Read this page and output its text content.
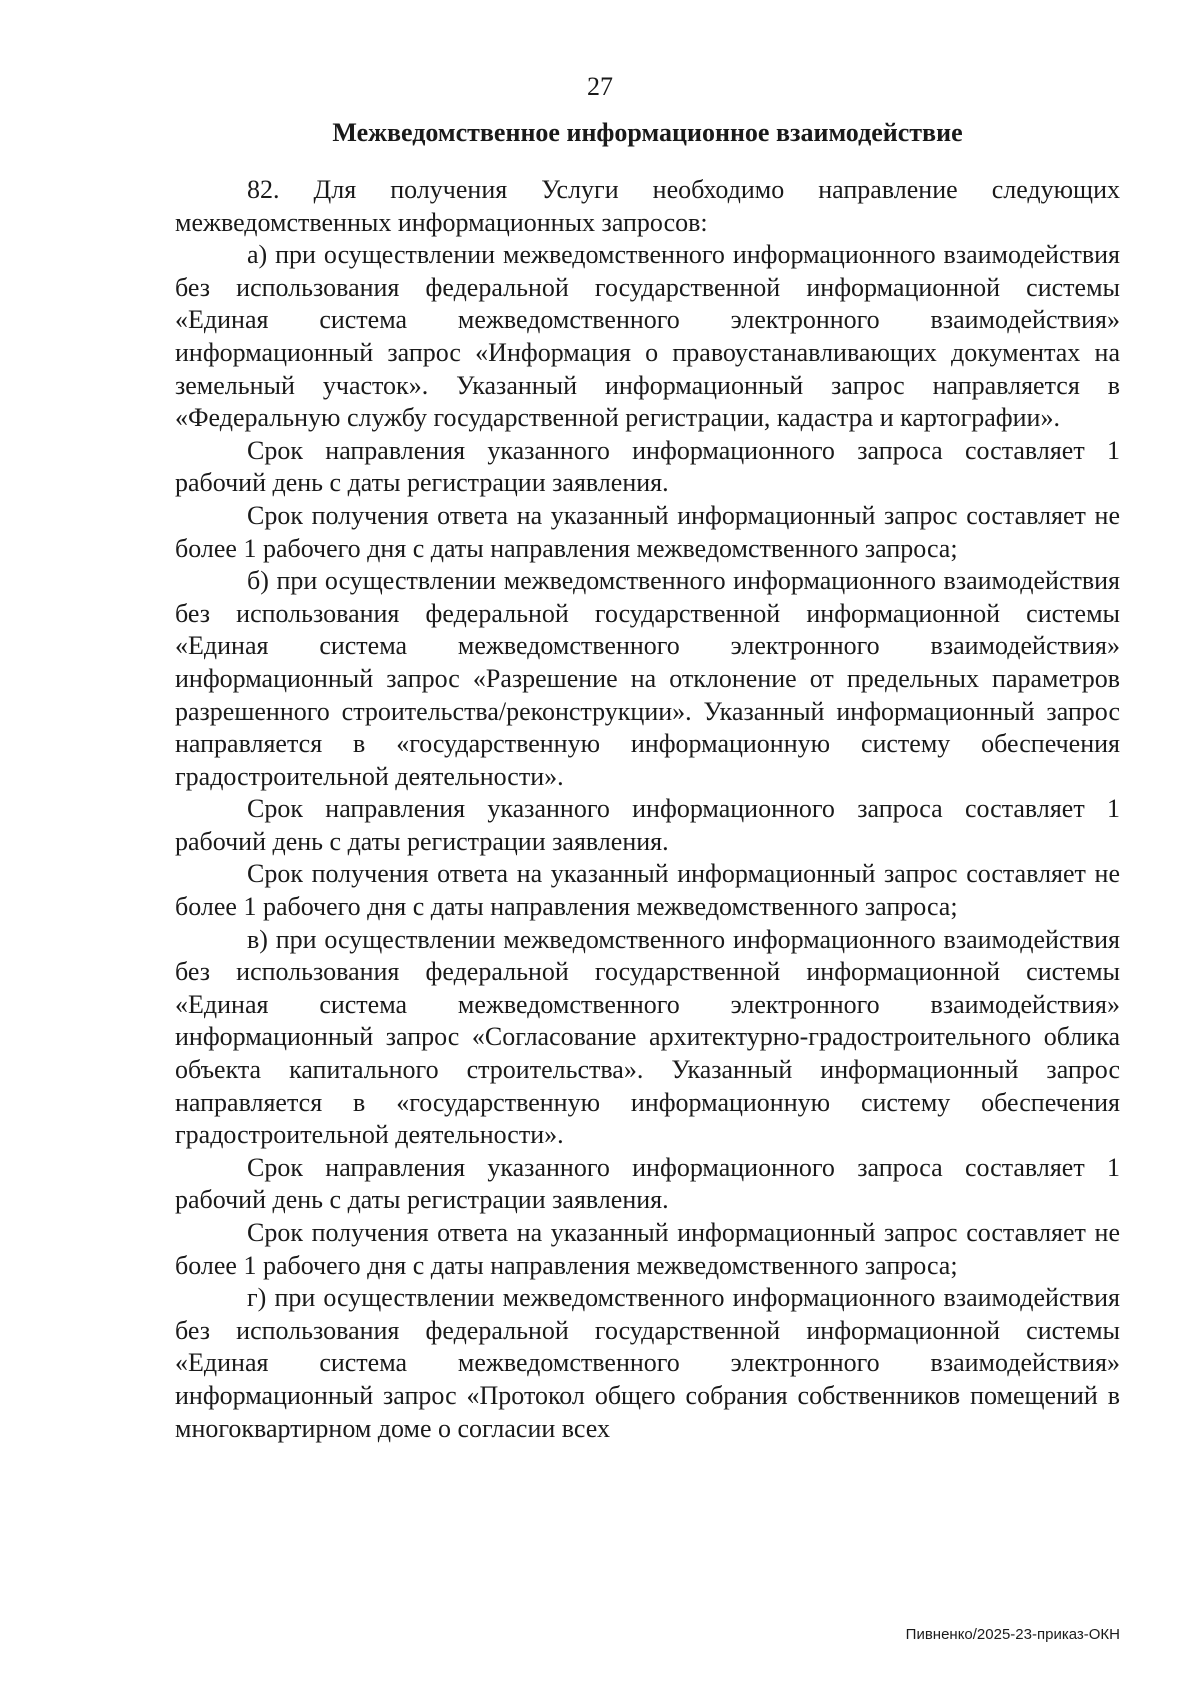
27
Межведомственное информационное взаимодействие

82. Для получения Услуги необходимо направление следующих межведомственных информационных запросов:

а) при осуществлении межведомственного информационного взаимодействия без использования федеральной государственной информационной системы «Единая система межведомственного электронного взаимодействия» информационный запрос «Информация о правоустанавливающих документах на земельный участок». Указанный информационный запрос направляется в «Федеральную службу государственной регистрации, кадастра и картографии».

Срок направления указанного информационного запроса составляет 1 рабочий день с даты регистрации заявления.

Срок получения ответа на указанный информационный запрос составляет не более 1 рабочего дня с даты направления межведомственного запроса;

б) при осуществлении межведомственного информационного взаимодействия без использования федеральной государственной информационной системы «Единая система межведомственного электронного взаимодействия» информационный запрос «Разрешение на отклонение от предельных параметров разрешенного строительства/реконструкции». Указанный информационный запрос направляется в «государственную информационную систему обеспечения градостроительной деятельности».

Срок направления указанного информационного запроса составляет 1 рабочий день с даты регистрации заявления.

Срок получения ответа на указанный информационный запрос составляет не более 1 рабочего дня с даты направления межведомственного запроса;

в) при осуществлении межведомственного информационного взаимодействия без использования федеральной государственной информационной системы «Единая система межведомственного электронного взаимодействия» информационный запрос «Согласование архитектурно-градостроительного облика объекта капитального строительства». Указанный информационный запрос направляется в «государственную информационную систему обеспечения градостроительной деятельности».

Срок направления указанного информационного запроса составляет 1 рабочий день с даты регистрации заявления.

Срок получения ответа на указанный информационный запрос составляет не более 1 рабочего дня с даты направления межведомственного запроса;

г) при осуществлении межведомственного информационного взаимодействия без использования федеральной государственной информационной системы «Единая система межведомственного электронного взаимодействия» информационный запрос «Протокол общего собрания собственников помещений в многоквартирном доме о согласии всех

Пивненко/2025-23-приказ-ОКН
